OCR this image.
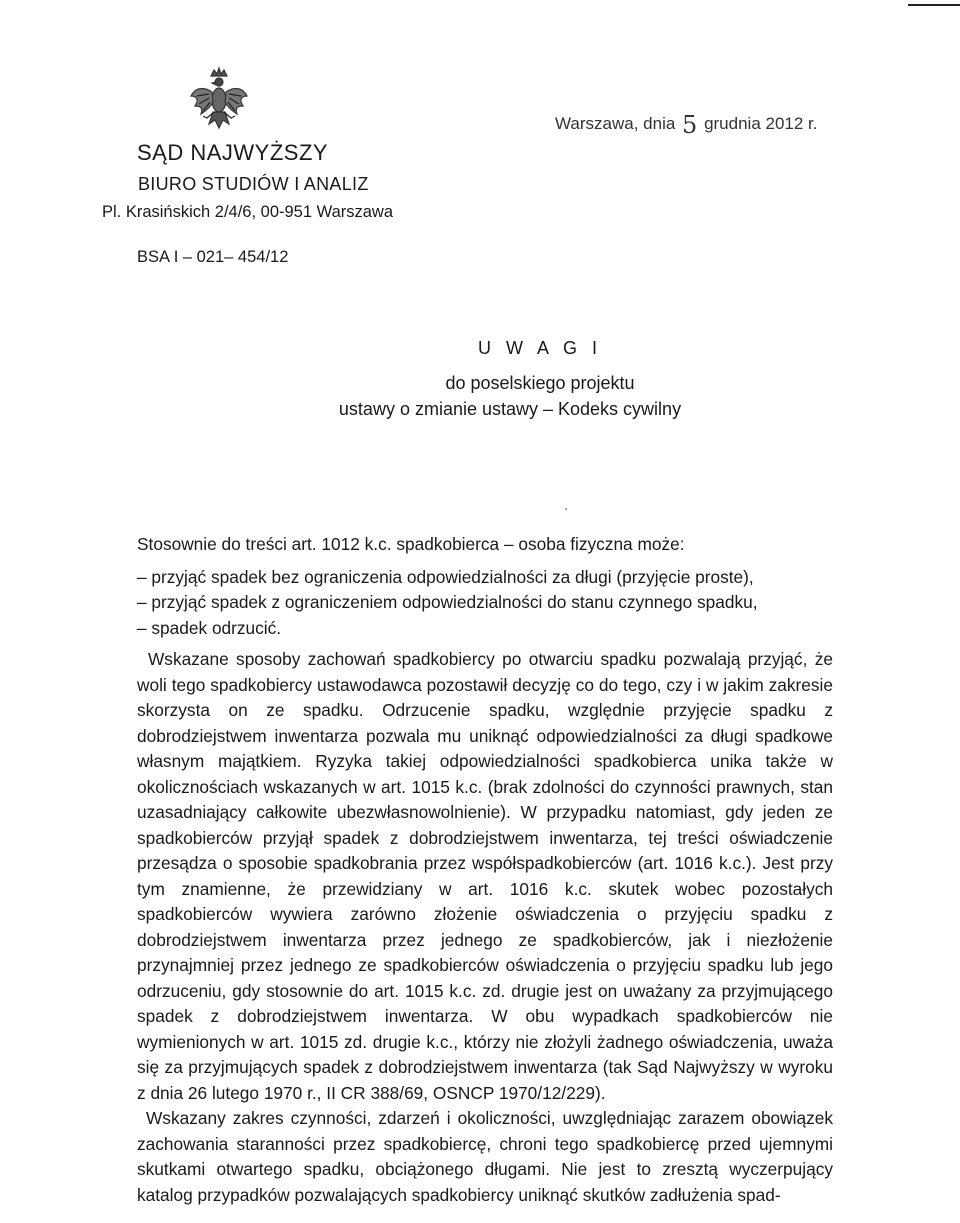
SĄD NAJWYŻSZY
BIURO STUDIÓW I ANALIZ
Pl. Krasińskich 2/4/6, 00-951 Warszawa
Warszawa, dnia 5 grudnia 2012 r.
BSA I – 021– 454/12
U W A G I
do poselskiego projektu
ustawy o zmianie ustawy – Kodeks cywilny

Stosownie do treści art. 1012 k.c. spadkobierca – osoba fizyczna może:

– przyjąć spadek bez ograniczenia odpowiedzialności za długi (przyjęcie proste),

– przyjąć spadek z ograniczeniem odpowiedzialności do stanu czynnego spadku,

– spadek odrzucić.

Wskazane sposoby zachowań spadkobiercy po otwarciu spadku pozwalają przyjąć, że woli tego spadkobiercy ustawodawca pozostawił decyzję co do tego, czy i w jakim zakresie skorzysta on ze spadku. Odrzucenie spadku, względnie przyjęcie spadku z dobrodziejstwem inwentarza pozwala mu uniknąć odpowiedzialności za długi spadkowe własnym majątkiem. Ryzyka takiej odpowiedzialności spadkobierca unika także w okolicznościach wskazanych w art. 1015 k.c. (brak zdolności do czynności prawnych, stan uzasadniający całkowite ubezwłasnowolnienie). W przypadku natomiast, gdy jeden ze spadkobierców przyjął spadek z dobrodziejstwem inwentarza, tej treści oświadczenie przesądza o sposobie spadkobrania przez współspadkobierców (art. 1016 k.c.). Jest przy tym znamienne, że przewidziany w art. 1016 k.c. skutek wobec pozostałych spadkobierców wywiera zarówno złożenie oświadczenia o przyjęciu spadku z dobrodziejstwem inwentarza przez jednego ze spadkobierców, jak i niezłożenie przynajmniej przez jednego ze spadkobierców oświadczenia o przyjęciu spadku lub jego odrzuceniu, gdy stosownie do art. 1015 k.c. zd. drugie jest on uważany za przyjmującego spadek z dobrodziejstwem inwentarza. W obu wypadkach spadkobierców nie wymienionych w art. 1015 zd. drugie k.c., którzy nie złożyli żadnego oświadczenia, uważa się za przyjmujących spadek z dobrodziejstwem inwentarza (tak Sąd Najwyższy w wyroku z dnia 26 lutego 1970 r., II CR 388/69, OSNCP 1970/12/229).

Wskazany zakres czynności, zdarzeń i okoliczności, uwzględniając zarazem obowiązek zachowania staranności przez spadkobiercę, chroni tego spadkobiercę przed ujemnymi skutkami otwartego spadku, obciążonego długami. Nie jest to zresztą wyczerpujący katalog przypadków pozwalających spadkobiercy uniknąć skutków zadłużenia spad-
